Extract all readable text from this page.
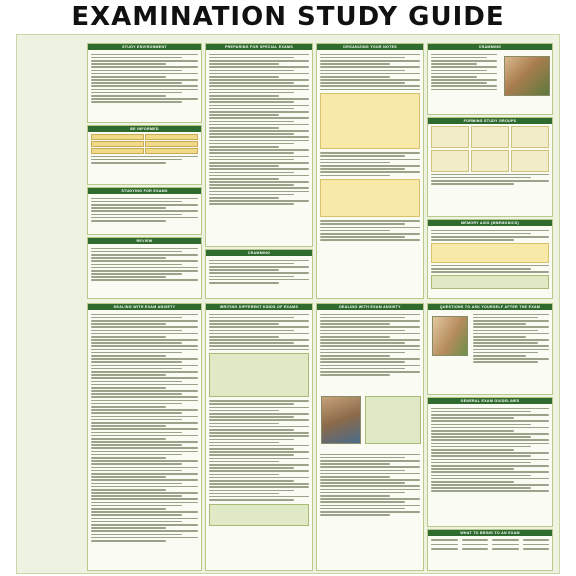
EXAMINATION STUDY GUIDE
STUDY ENVIRONMENT
BE INFORMED
STUDYING FOR EXAMS
REVIEW
PREPARING FOR SPECIAL EXAMS
CRAMMING
ORGANIZING YOUR NOTES	CRAMMING
FORMING STUDY GROUPS
MEMORY AIDS (MNEMONICS)
DEALING WITH EXAM ANXIETY	WRITING DIFFERENT KINDS OF EXAMS	DEALING WITH EXAM ANXIETY	QUESTIONS TO ASK YOURSELF AFTER THE EXAM
GENERAL EXAM GUIDELINES
WHAT TO BRING TO AN EXAM
